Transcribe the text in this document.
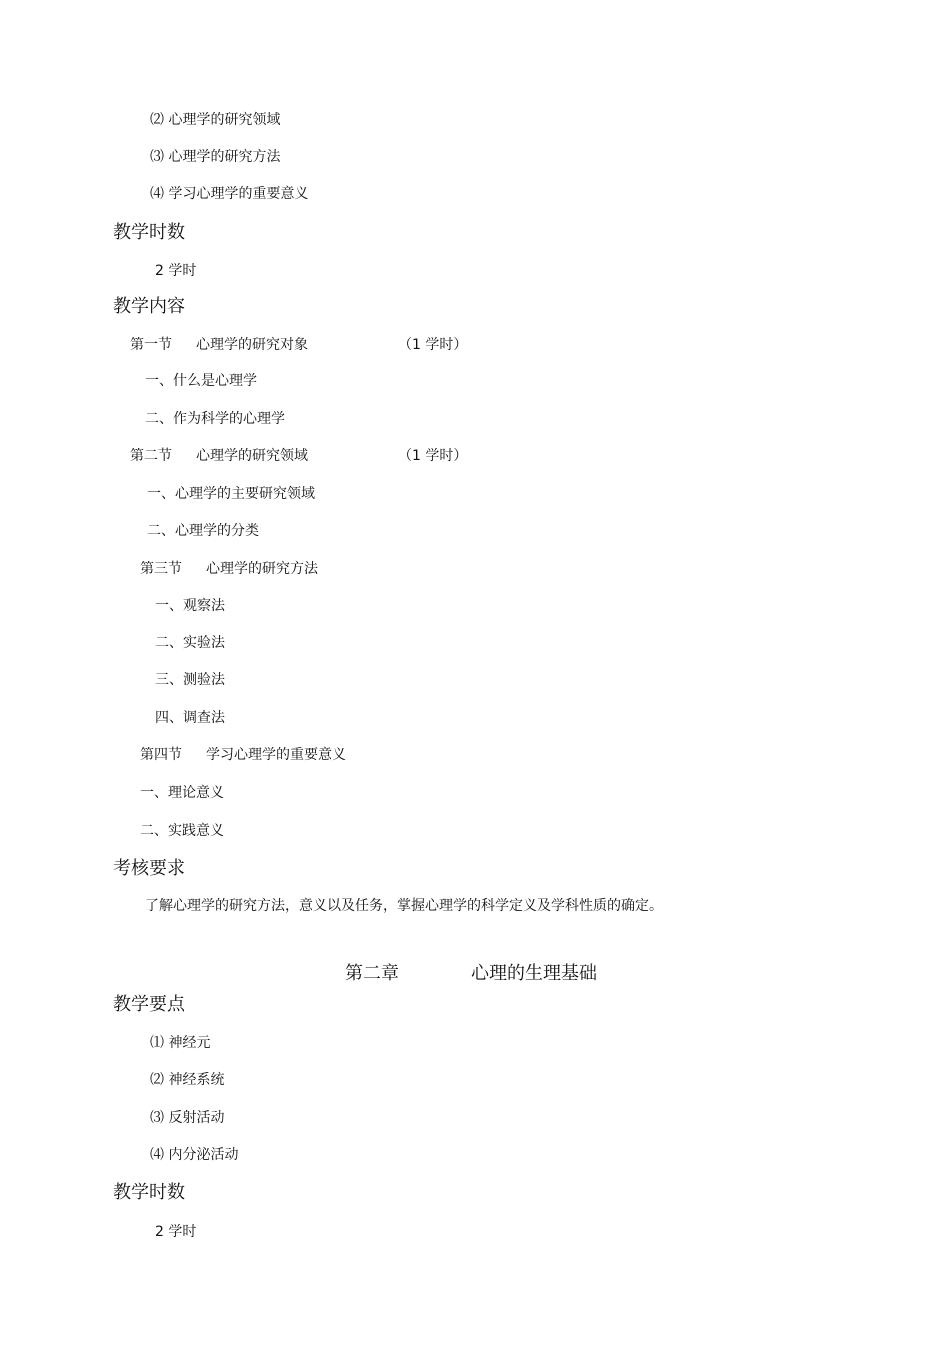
⑵ 心理学的研究领域
⑶ 心理学的研究方法
⑷ 学习心理学的重要意义
教学时数
2 学时
教学内容
第一节 心理学的研究对象	（1 学时）
一、什么是心理学
二、作为科学的心理学
第二节 心理学的研究领域	（1 学时）
一、心理学的主要研究领域
二、心理学的分类
第三节 心理学的研究方法
一、观察法
二、实验法
三、测验法
四、调查法
第四节 学习心理学的重要意义
一、理论意义
二、实践意义
考核要求
了解心理学的研究方法，意义以及任务，掌握心理学的科学定义及学科性质的确定。
第二章	心理的生理基础
教学要点
⑴ 神经元
⑵ 神经系统
⑶ 反射活动
⑷ 内分泌活动
教学时数
2 学时
